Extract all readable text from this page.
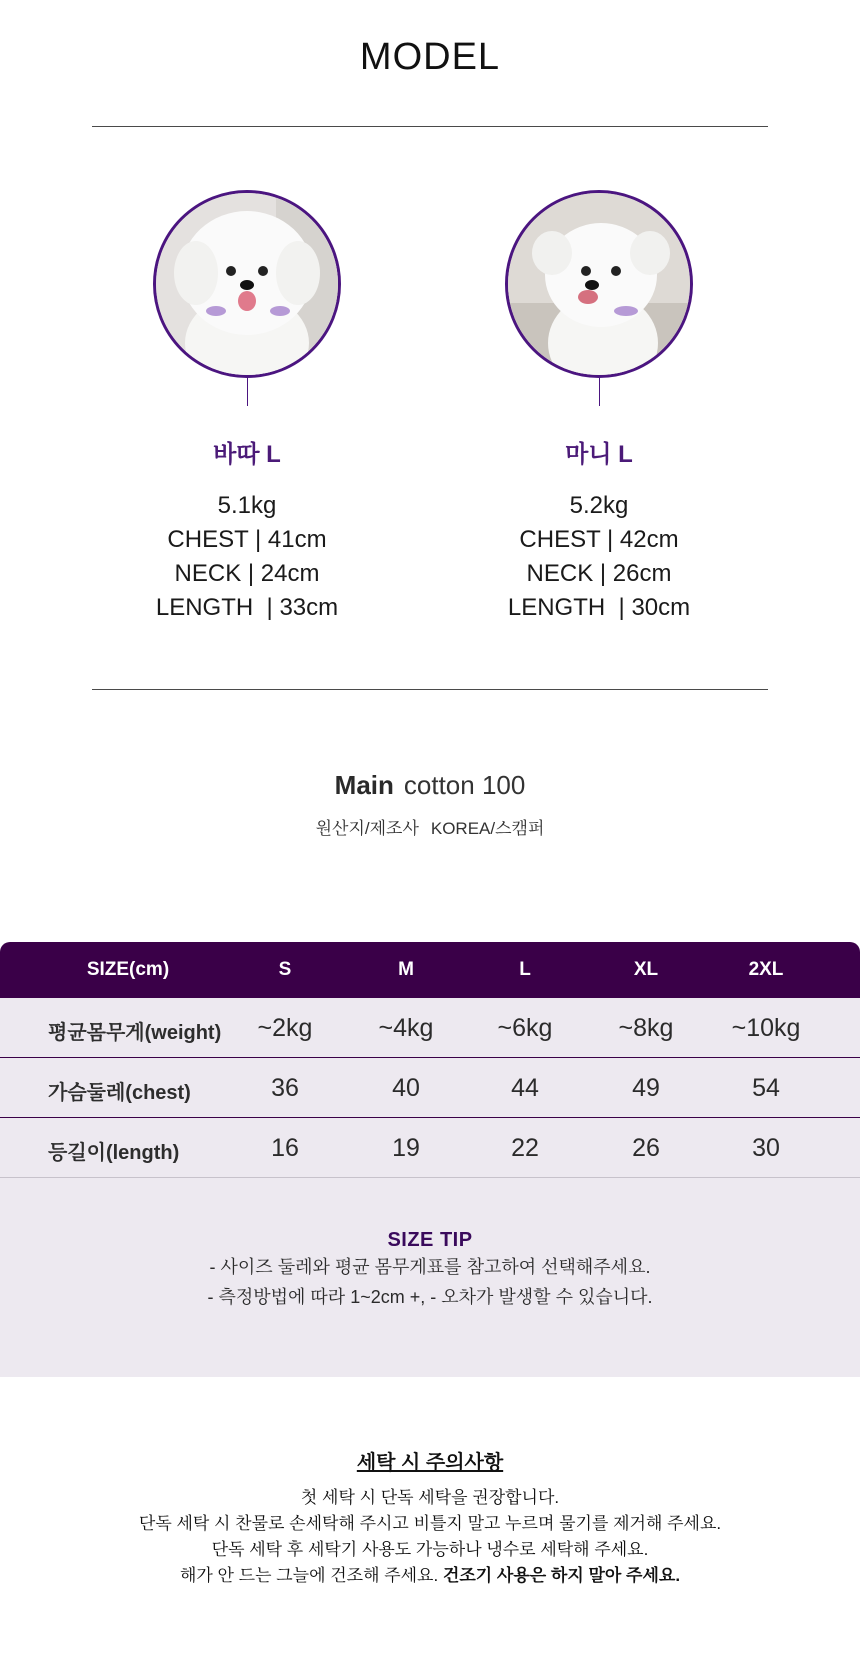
MODEL
바따 L
5.1kg
CHEST | 41cm
NECK | 24cm
LENGTH  | 33cm
마니 L
5.2kg
CHEST | 42cm
NECK | 26cm
LENGTH  | 30cm
Main cotton 100
원산지/제조사 KOREA/스캠퍼
SIZE(cm)	S	M	L	XL	2XL
평균몸무게(weight)	~2kg	~4kg	~6kg	~8kg	~10kg
가슴둘레(chest)	36	40	44	49	54
등길이(length)	16	19	22	26	30
SIZE TIP
- 사이즈 둘레와 평균 몸무게표를 참고하여 선택해주세요.
- 측정방법에 따라 1~2cm +, - 오차가 발생할 수 있습니다.
세탁 시 주의사항
첫 세탁 시 단독 세탁을 권장합니다.
단독 세탁 시 찬물로 손세탁해 주시고 비틀지 말고 누르며 물기를 제거해 주세요.
단독 세탁 후 세탁기 사용도 가능하나 냉수로 세탁해 주세요.
해가 안 드는 그늘에 건조해 주세요. 건조기 사용은 하지 말아 주세요.
